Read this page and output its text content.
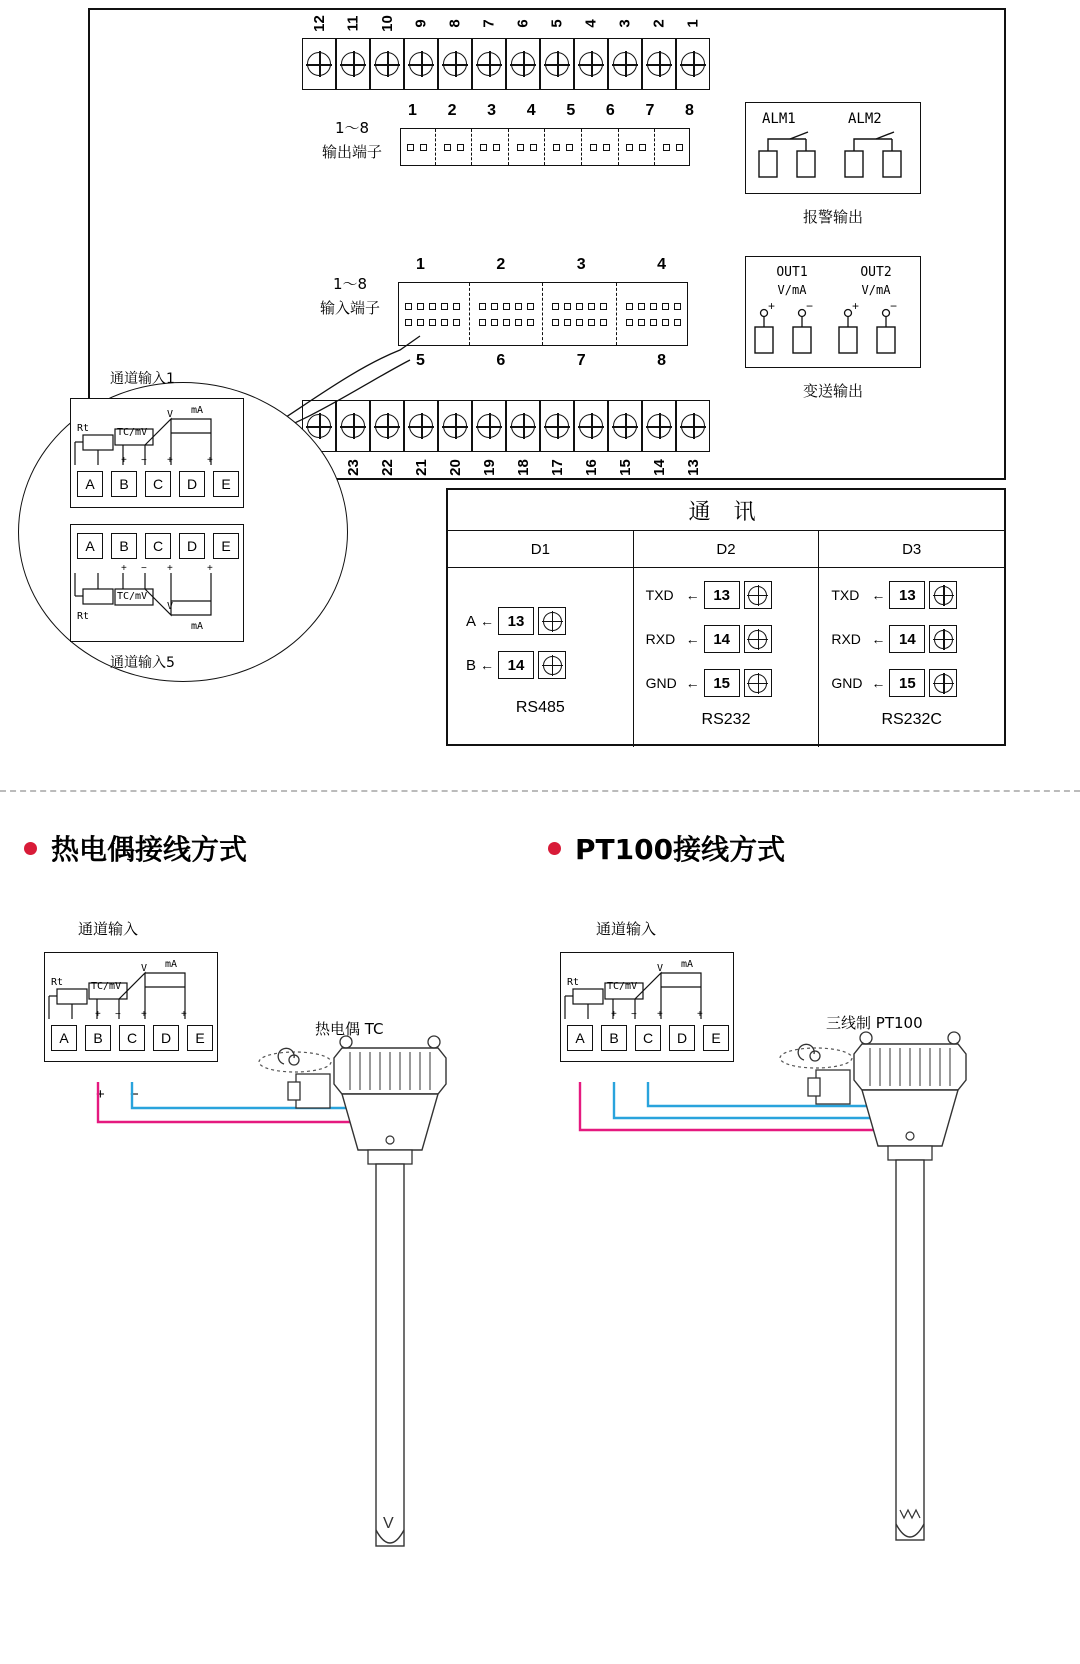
12 11 10 9 8 7 6 5 4 3 2 1
1～8
输出端子
1 2 3 4 5 6 7 8	ALM1	ALM2
报警输出
1～8
输入端子
1	2	3	4
5	6	7	8
OUT1
V/mA
OUT2
V/mA
+	−	+	−
变送输出
23 22 21 20 19 18 17 16 15 14 13
通道输入1
通道输入5
V mA
+ − +	+
Rt	TC/mV
A	B	C	D	E
A	B	C	D	E
V
mA
+ − +	+
Rt
TC/mV
通 讯
D1
A ← 13
B ← 14
RS485
D2
TXD ← 13
RXD ← 14
GND ← 15
RS232
D3
TXD ← 13
RXD ← 14
GND ← 15
RS232C
热电偶接线方式	PT100接线方式
通道输入
V mA
+ − +	+
Rt	TC/mV
A	B	C	D	E
+ −
热电偶 TC
V
通道输入
V mA
+ − +	+
Rt	TC/mV
A	B	C	D	E
三线制 PT100
